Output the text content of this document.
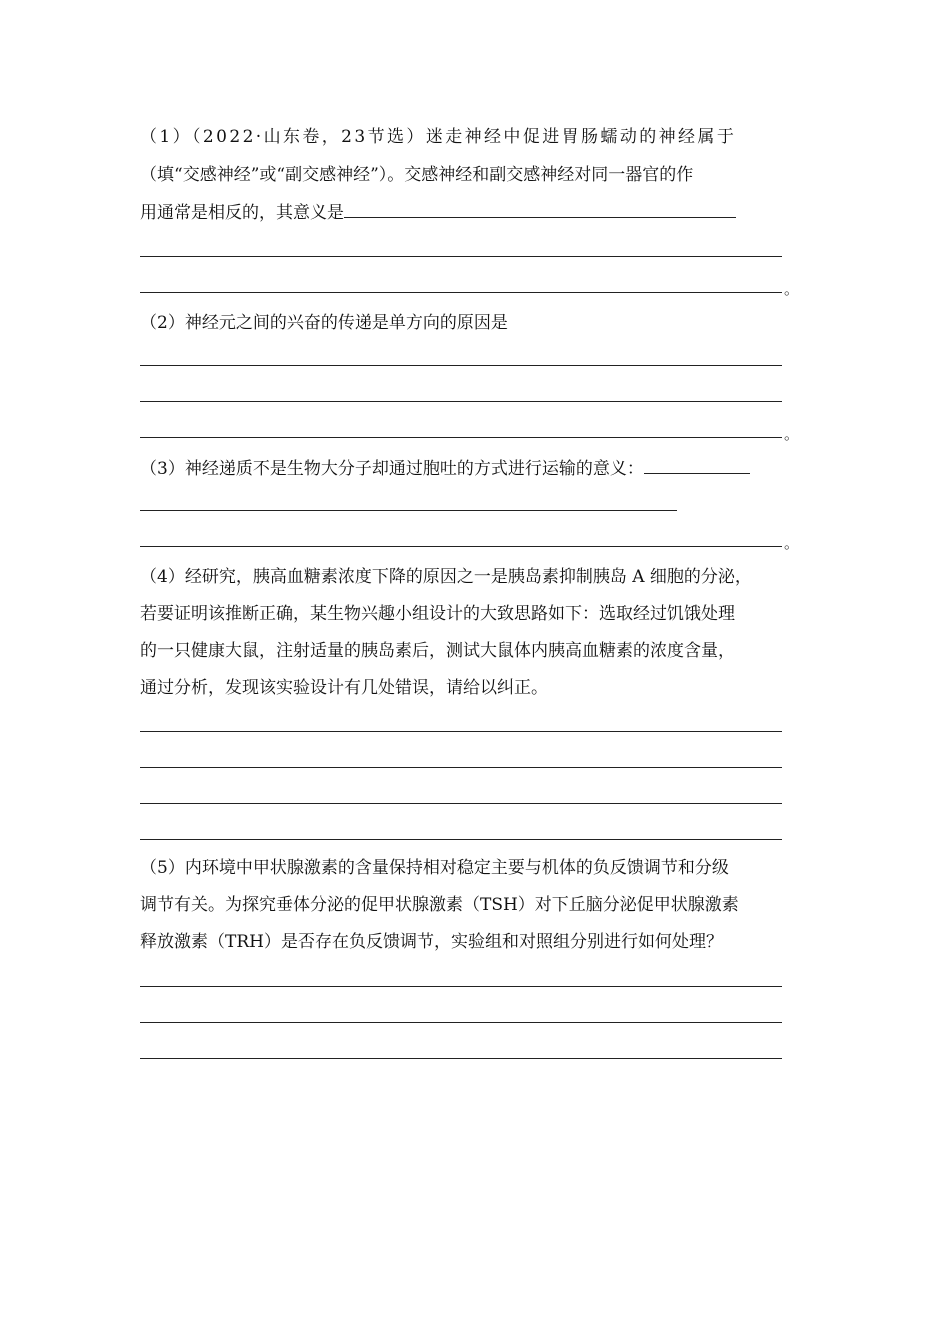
（1）（2022·山东卷，23节选）迷走神经中促进胃肠蠕动的神经属于
（填“交感神经”或“副交感神经”）。交感神经和副交感神经对同一器官的作
用通常是相反的，其意义是
。
（2）神经元之间的兴奋的传递是单方向的原因是
。
（3）神经递质不是生物大分子却通过胞吐的方式进行运输的意义：
。
（4）经研究，胰高血糖素浓度下降的原因之一是胰岛素抑制胰岛 A 细胞的分泌，
若要证明该推断正确，某生物兴趣小组设计的大致思路如下：选取经过饥饿处理
的一只健康大鼠，注射适量的胰岛素后，测试大鼠体内胰高血糖素的浓度含量，
通过分析，发现该实验设计有几处错误，请给以纠正。
（5）内环境中甲状腺激素的含量保持相对稳定主要与机体的负反馈调节和分级
调节有关。为探究垂体分泌的促甲状腺激素（TSH）对下丘脑分泌促甲状腺激素
释放激素（TRH）是否存在负反馈调节，实验组和对照组分别进行如何处理？
